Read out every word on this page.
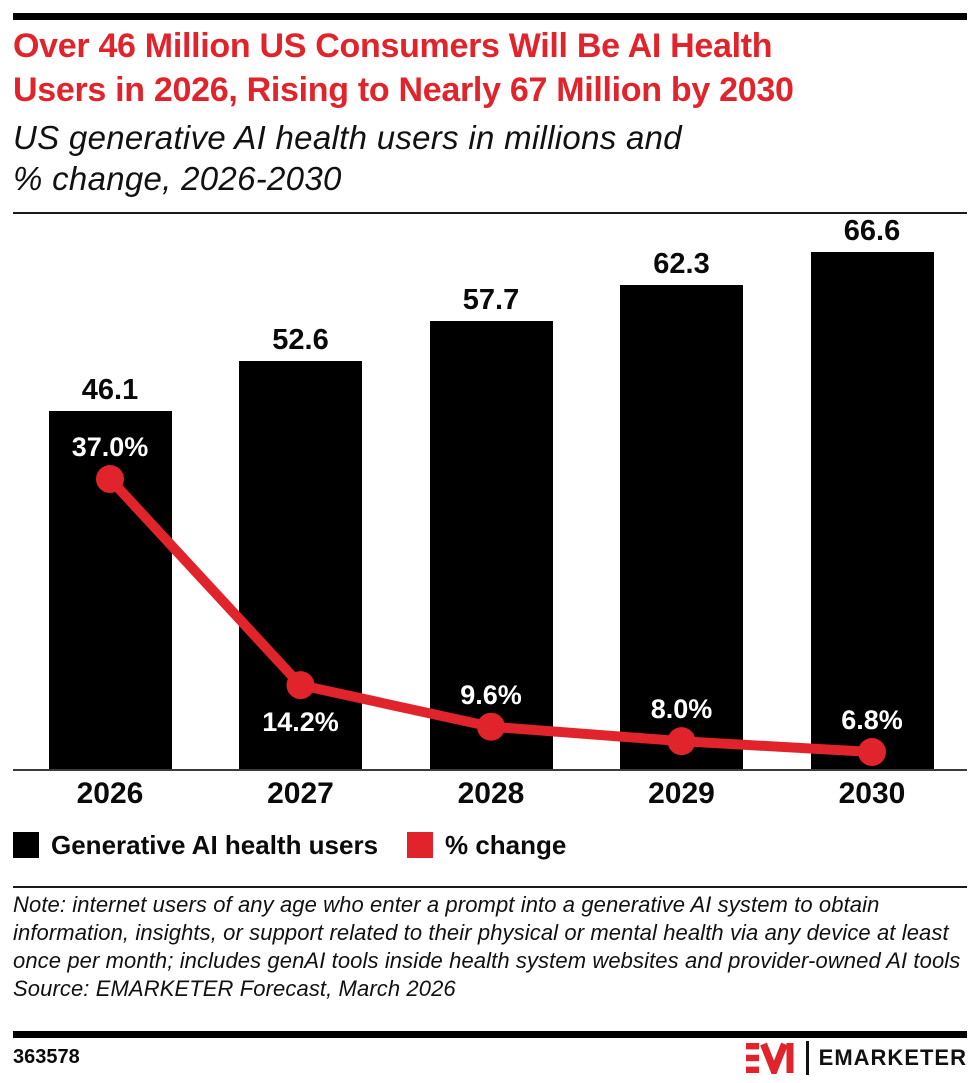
Over 46 Million US Consumers Will Be AI Health
Users in 2026, Rising to Nearly 67 Million by 2030
US generative AI health users in millions and
% change, 2026-2030
46.1
52.6
57.7
62.3
66.6
37.0%
14.2%
9.6%	8.0%	6.8%
2026	2027	2028	2029	2030
Generative AI health users	% change
Note: internet users of any age who enter a prompt into a generative AI system to obtain information, insights, or support related to their physical or mental health via any device at least once per month; includes genAI tools inside health system websites and provider-owned AI tools
Source: EMARKETER Forecast, March 2026
363578	EMARKETER
